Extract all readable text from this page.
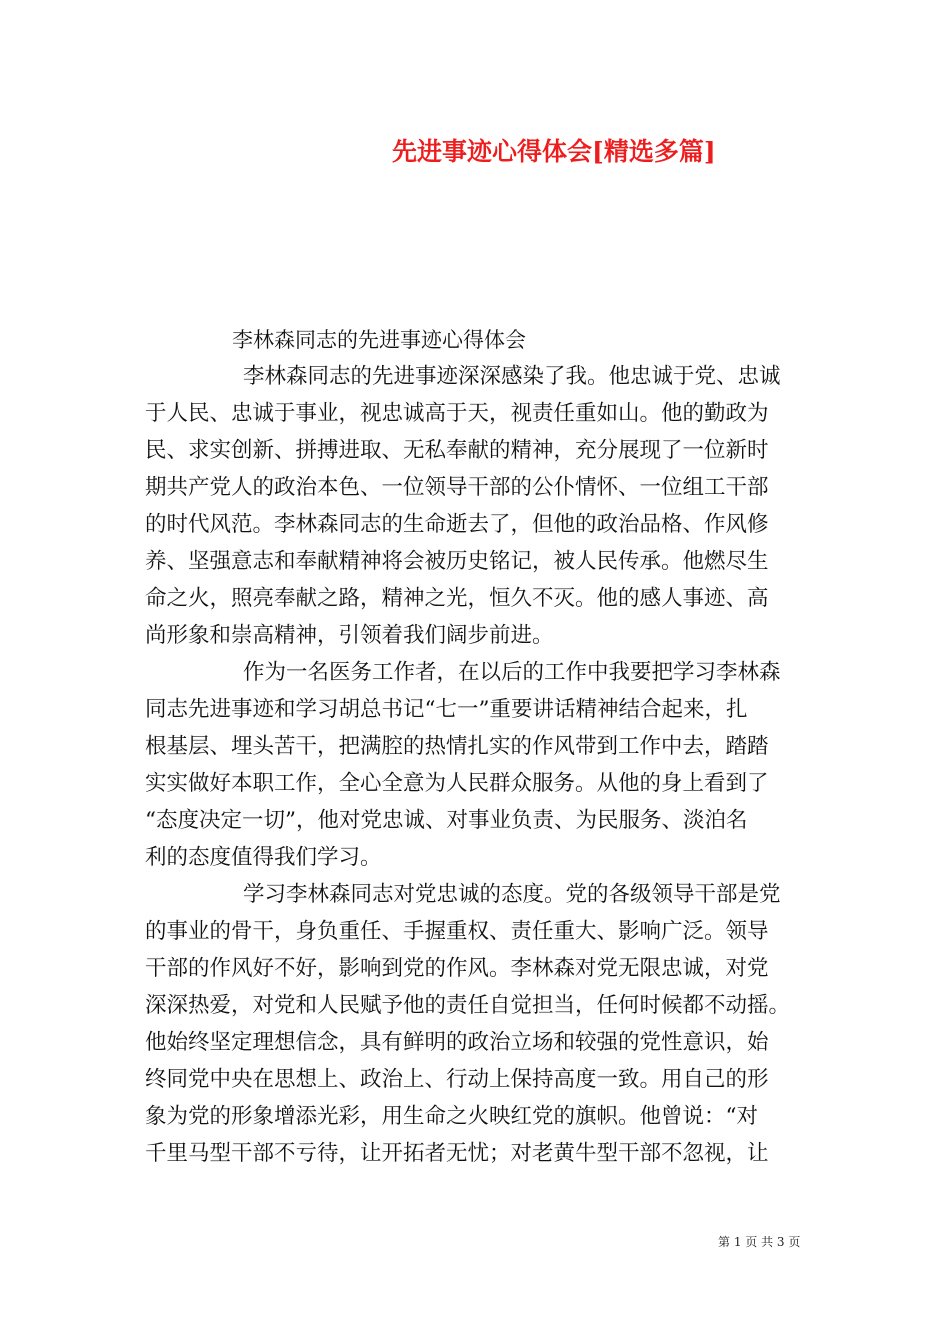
先进事迹心得体会[精选多篇]
李林森同志的先进事迹心得体会
李林森同志的先进事迹深深感染了我。他忠诚于党、忠诚
于人民、忠诚于事业，视忠诚高于天，视责任重如山。他的勤政为
民、求实创新、拼搏进取、无私奉献的精神，充分展现了一位新时
期共产党人的政治本色、一位领导干部的公仆情怀、一位组工干部
的时代风范。李林森同志的生命逝去了，但他的政治品格、作风修
养、坚强意志和奉献精神将会被历史铭记，被人民传承。他燃尽生
命之火，照亮奉献之路，精神之光，恒久不灭。他的感人事迹、高
尚形象和崇高精神，引领着我们阔步前进。
作为一名医务工作者，在以后的工作中我要把学习李林森
同志先进事迹和学习胡总书记“七一”重要讲话精神结合起来，扎
根基层、埋头苦干，把满腔的热情扎实的作风带到工作中去，踏踏
实实做好本职工作，全心全意为人民群众服务。从他的身上看到了
“态度决定一切”，他对党忠诚、对事业负责、为民服务、淡泊名
利的态度值得我们学习。
学习李林森同志对党忠诚的态度。党的各级领导干部是党
的事业的骨干，身负重任、手握重权、责任重大、影响广泛。领导
干部的作风好不好，影响到党的作风。李林森对党无限忠诚，对党
深深热爱，对党和人民赋予他的责任自觉担当，任何时候都不动摇。
他始终坚定理想信念，具有鲜明的政治立场和较强的党性意识，始
终同党中央在思想上、政治上、行动上保持高度一致。用自己的形
象为党的形象增添光彩，用生命之火映红党的旗帜。他曾说：“对
千里马型干部不亏待，让开拓者无忧；对老黄牛型干部不忽视，让
第 1 页 共 3 页
